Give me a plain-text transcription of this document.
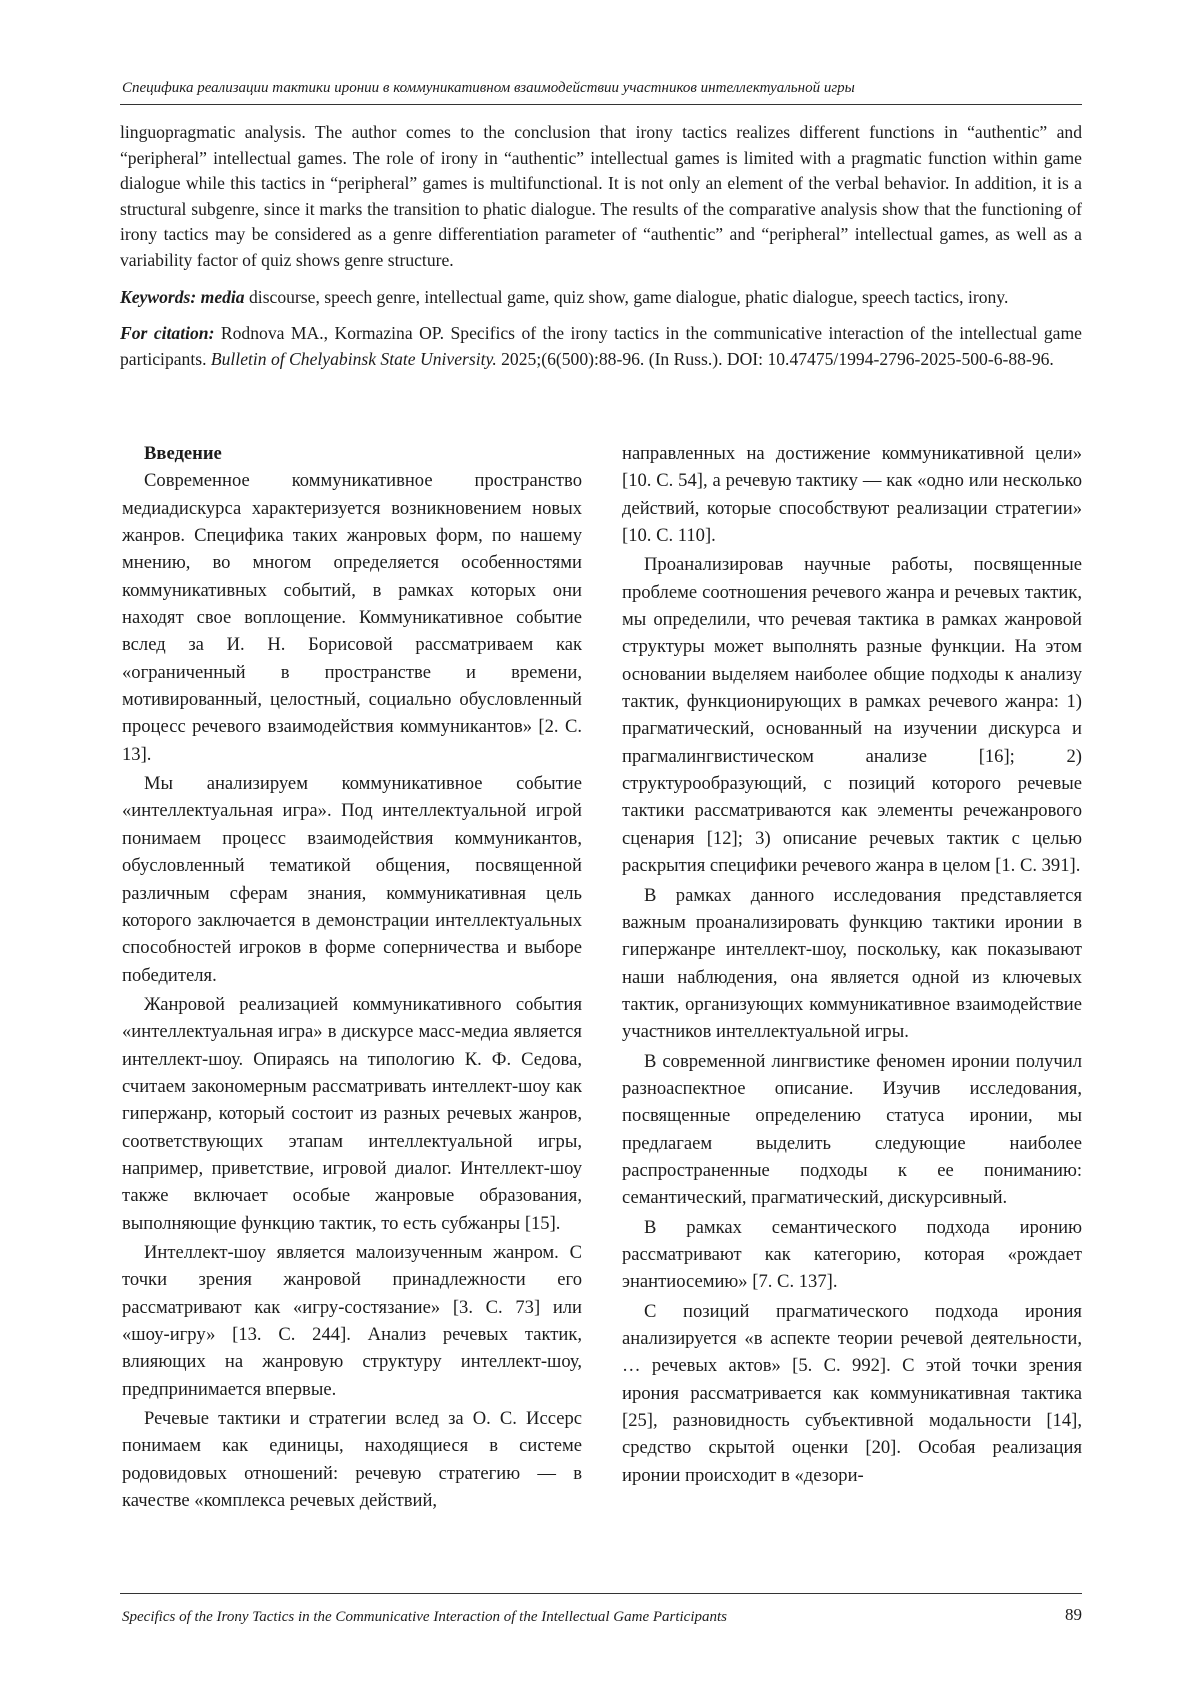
Специфика реализации тактики иронии в коммуникативном взаимодействии участников интеллектуальной игры

linguopragmatic analysis. The author comes to the conclusion that irony tactics realizes different functions in “authentic” and “peripheral” intellectual games. The role of irony in “authentic” intellectual games is limited with a pragmatic function within game dialogue while this tactics in “peripheral” games is multifunctional. It is not only an element of the verbal behavior. In addition, it is a structural subgenre, since it marks the transition to phatic dialogue. The results of the comparative analysis show that the functioning of irony tactics may be considered as a genre differentiation parameter of “authentic” and “peripheral” intellectual games, as well as a variability factor of quiz shows genre structure.

Keywords: media discourse, speech genre, intellectual game, quiz show, game dialogue, phatic dialogue, speech tactics, irony.

For citation: Rodnova MA., Kormazina OP. Specifics of the irony tactics in the communicative interaction of the intellectual game participants. Bulletin of Chelyabinsk State University. 2025;(6(500):88-96. (In Russ.). DOI: 10.47475/1994-2796-2025-500-6-88-96.

Введение

Современное коммуникативное пространство медиадискурса характеризуется возникновением новых жанров. Специфика таких жанровых форм, по нашему мнению, во многом определяется особенностями коммуникативных событий, в рамках которых они находят свое воплощение. Коммуникативное событие вслед за И. Н. Борисовой рассматриваем как «ограниченный в пространстве и времени, мотивированный, целостный, социально обусловленный процесс речевого взаимодействия коммуникантов» [2. С. 13].

Мы анализируем коммуникативное событие «интеллектуальная игра». Под интеллектуальной игрой понимаем процесс взаимодействия коммуникантов, обусловленный тематикой общения, посвященной различным сферам знания, коммуникативная цель которого заключается в демонстрации интеллектуальных способностей игроков в форме соперничества и выборе победителя.

Жанровой реализацией коммуникативного события «интеллектуальная игра» в дискурсе масс-медиа является интеллект-шоу. Опираясь на типологию К. Ф. Седова, считаем закономерным рассматривать интеллект-шоу как гипержанр, который состоит из разных речевых жанров, соответствующих этапам интеллектуальной игры, например, приветствие, игровой диалог. Интеллект-шоу также включает особые жанровые образования, выполняющие функцию тактик, то есть субжанры [15].

Интеллект-шоу является малоизученным жанром. С точки зрения жанровой принадлежности его рассматривают как «игру-состязание» [3. С. 73] или «шоу-игру» [13. С. 244]. Анализ речевых тактик, влияющих на жанровую структуру интеллект-шоу, предпринимается впервые.

Речевые тактики и стратегии вслед за О. С. Иссерс понимаем как единицы, находящиеся в системе родовидовых отношений: речевую стратегию — в качестве «комплекса речевых действий,

направленных на достижение коммуникативной цели» [10. С. 54], а речевую тактику — как «одно или несколько действий, которые способствуют реализации стратегии» [10. С. 110].

Проанализировав научные работы, посвященные проблеме соотношения речевого жанра и речевых тактик, мы определили, что речевая тактика в рамках жанровой структуры может выполнять разные функции. На этом основании выделяем наиболее общие подходы к анализу тактик, функционирующих в рамках речевого жанра: 1) прагматический, основанный на изучении дискурса и прагмалингвистическом анализе [16]; 2) структурообразующий, с позиций которого речевые тактики рассматриваются как элементы речежанрового сценария [12]; 3) описание речевых тактик с целью раскрытия специфики речевого жанра в целом [1. С. 391].

В рамках данного исследования представляется важным проанализировать функцию тактики иронии в гипержанре интеллект-шоу, поскольку, как показывают наши наблюдения, она является одной из ключевых тактик, организующих коммуникативное взаимодействие участников интеллектуальной игры.

В современной лингвистике феномен иронии получил разноаспектное описание. Изучив исследования, посвященные определению статуса иронии, мы предлагаем выделить следующие наиболее распространенные подходы к ее пониманию: семантический, прагматический, дискурсивный.

В рамках семантического подхода иронию рассматривают как категорию, которая «рождает энантиосемию» [7. С. 137].

С позиций прагматического подхода ирония анализируется «в аспекте теории речевой деятельности, … речевых актов» [5. С. 992]. С этой точки зрения ирония рассматривается как коммуникативная тактика [25], разновидность субъективной модальности [14], средство скрытой оценки [20]. Особая реализация иронии происходит в «дезори-

Specifics of the Irony Tactics in the Communicative Interaction of the Intellectual Game Participants	89
